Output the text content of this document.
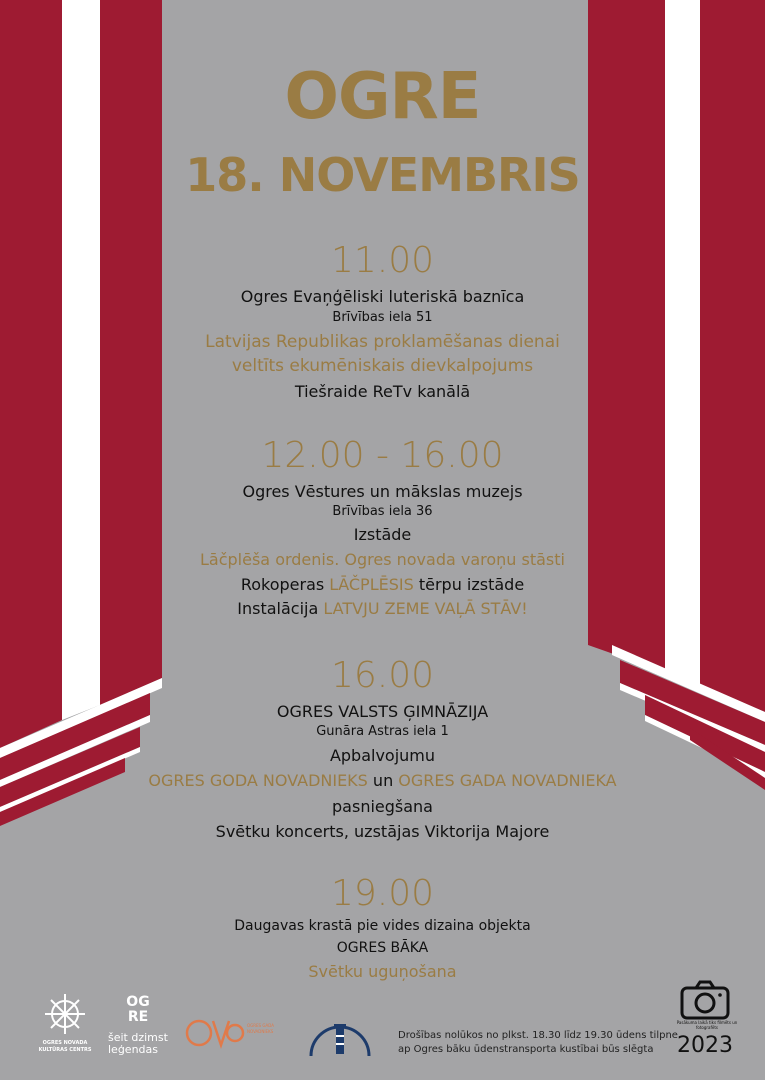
OGRE
18. NOVEMBRIS
11.00
Ogres Evaņģēliski luteriskā baznīca
Brīvības iela 51
Latvijas Republikas proklamēšanas dienai
veltīts ekumēniskais dievkalpojums
Tiešraide ReTv kanālā
12.00 - 16.00
Ogres Vēstures un mākslas muzejs
Brīvības iela 36
Izstāde
Lāčplēša ordenis. Ogres novada varoņu stāsti
Rokoperas LĀČPLĒSIS tērpu izstāde
Instalācija LATVJU ZEME VAĻĀ STĀV!
16.00
OGRES VALSTS ĢIMNĀZIJA
Gunāra Astras iela 1
Apbalvojumu
OGRES GODA NOVADNIEKS un OGRES GADA NOVADNIEKA
pasniegšana
Svētku koncerts, uzstājas Viktorija Majore
19.00
Daugavas krastā pie vides dizaina objekta
OGRES BĀKA
Svētku uguņošana
OGRES NOVADA
KULTŪRAS CENTRS
OG RE
šeit dzimst
leģendas
OGRES GADA NOVADNIEKS	Drošības nolūkos no plkst. 18.30 līdz 19.30 ūdens tilpne
ap Ogres bāku ūdenstransporta kustībai būs slēgta
Pasākuma laikā tiks filmēts un fotografēts
2023
